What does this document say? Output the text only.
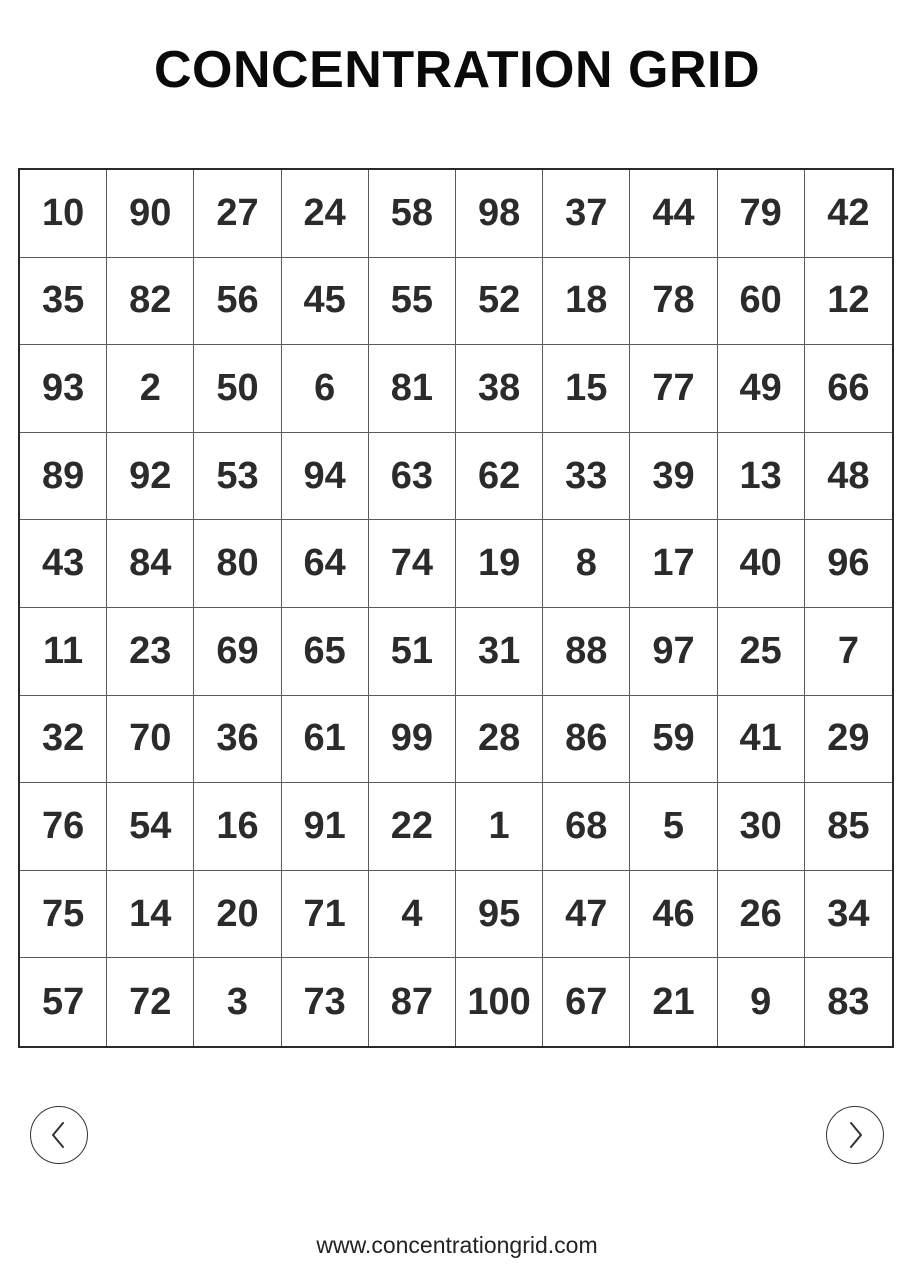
CONCENTRATION GRID
10	90	27	24	58	98	37	44	79	42
35	82	56	45	55	52	18	78	60	12
93	2	50	6	81	38	15	77	49	66
89	92	53	94	63	62	33	39	13	48
43	84	80	64	74	19	8	17	40	96
11	23	69	65	51	31	88	97	25	7
32	70	36	61	99	28	86	59	41	29
76	54	16	91	22	1	68	5	30	85
75	14	20	71	4	95	47	46	26	34
57	72	3	73	87 100 67	21	9	83
www.concentrationgrid.com
